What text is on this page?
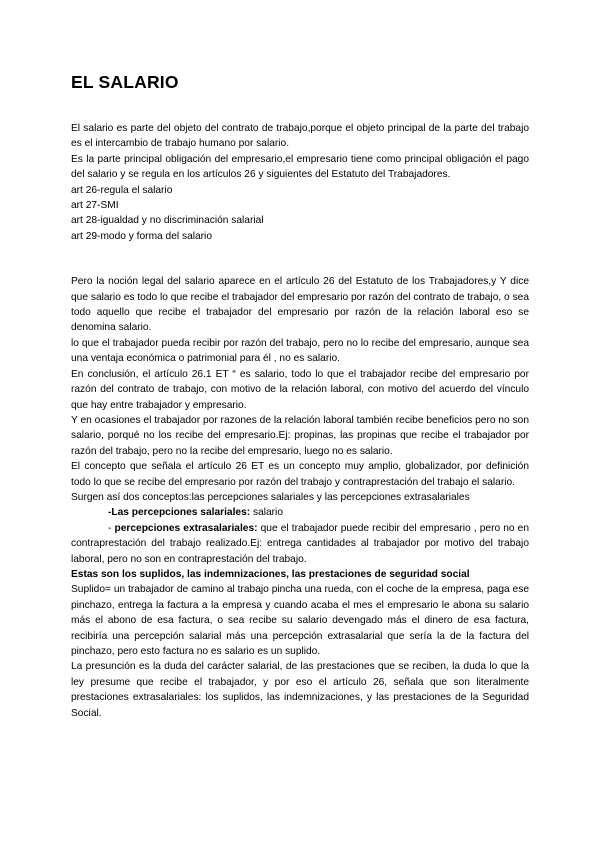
EL SALARIO

El salario es parte del objeto del contrato de trabajo,porque el objeto principal de la parte del trabajo es el intercambio de trabajo humano por salario.

Es la parte principal obligación del empresario,el empresario tiene como principal obligación el pago del salario y se regula en los artículos 26 y siguientes del Estatuto del Trabajadores.

art 26-regula el salario

art 27-SMI

art 28-igualdad y no discriminación salarial

art 29-modo y forma del salario

Pero la noción legal del salario aparece en el artículo 26 del Estatuto de los Trabajadores,y Y dice que salario es todo lo que recibe el trabajador del empresario por razón del contrato de trabajo, o sea todo aquello que recibe el trabajador del empresario por razón de la relación laboral eso se denomina salario.

lo que el trabajador pueda recibir por razón del trabajo, pero no lo recibe del empresario, aunque sea una ventaja económica o patrimonial para él , no es salario.

En conclusión, el artículo 26.1 ET “ es salario, todo lo que el trabajador recibe del empresario por razón del contrato de trabajo, con motivo de la relación laboral, con motivo del acuerdo del vínculo que hay entre trabajador y empresario.

Y en ocasiones el trabajador por razones de la relación laboral también recibe beneficios pero no son salario, porqué no los recibe del empresario.Ej: propinas, las propinas que recibe el trabajador por razón del trabajo, pero no la recibe del empresario, luego no es salario.

El concepto que señala el artículo 26 ET es un concepto muy amplio, globalizador, por definición todo lo que se recibe del empresario por razón del trabajo y contraprestación del trabajo el salario.

Surgen así dos conceptos:las percepciones salariales y las percepciones extrasalariales

-Las percepciones salariales: salario

- percepciones extrasalariales: que el trabajador puede recibir del empresario , pero no en contraprestación del trabajo realizado.Ej: entrega cantidades al trabajador por motivo del trabajo laboral, pero no son en contraprestación del trabajo.

Estas son los suplidos, las indemnizaciones, las prestaciones de seguridad social

Suplido= un trabajador de camino al trabajo pincha una rueda, con el coche de la empresa, paga ese pinchazo, entrega la factura a la empresa y cuando acaba el mes el empresario le abona su salario más el abono de esa factura, o sea recibe su salario devengado más el dinero de esa factura, recibiría una percepción salarial más una percepción extrasalarial que sería la de la factura del pinchazo, pero esto factura no es salario es un suplido.

La presunción es la duda del carácter salarial, de las prestaciones que se reciben, la duda lo que la ley presume que recibe el trabajador, y por eso el artículo 26, señala que son literalmente prestaciones extrasalariales: los suplidos, las indemnizaciones, y las prestaciones de la Seguridad Social.
